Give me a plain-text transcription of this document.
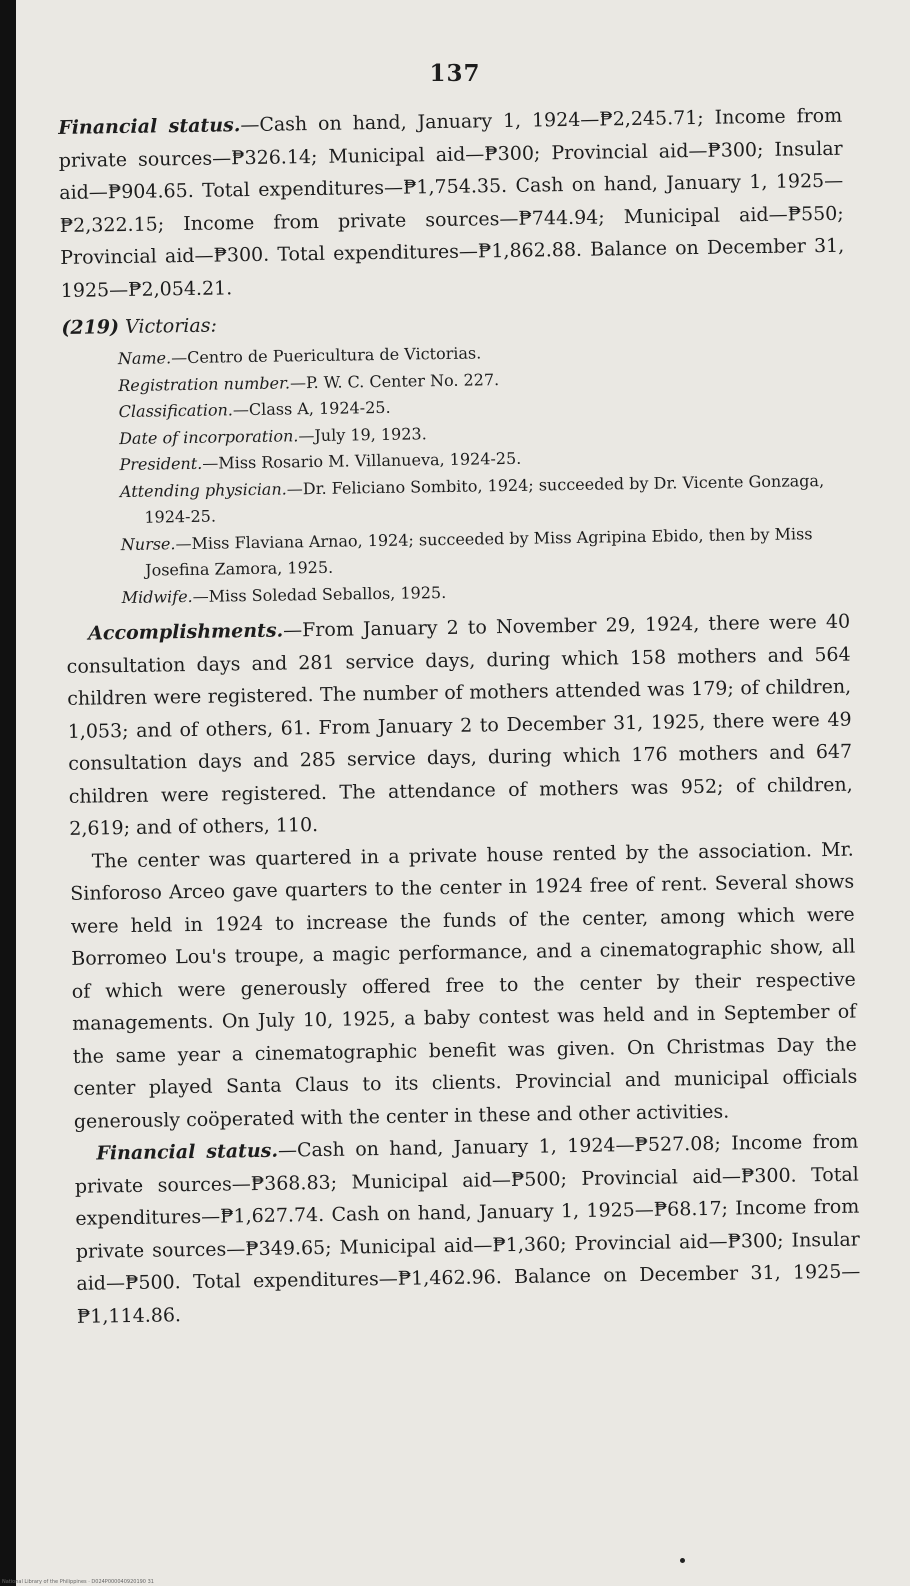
137

Financial status.—Cash on hand, January 1, 1924—₱2,245.71; Income from private sources—₱326.14; Municipal aid—₱300; Provincial aid—₱300; Insular aid—₱904.65. Total expenditures—₱1,754.35. Cash on hand, January 1, 1925—₱2,322.15; Income from private sources—₱744.94; Municipal aid—₱550; Provincial aid—₱300. Total expenditures—₱1,862.88. Balance on December 31, 1925—₱2,054.21.

(219) Victorias:
Name.—Centro de Puericultura de Victorias.
Registration number.—P. W. C. Center No. 227.
Classification.—Class A, 1924-25.
Date of incorporation.—July 19, 1923.
President.—Miss Rosario M. Villanueva, 1924-25.
Attending physician.—Dr. Feliciano Sombito, 1924; succeeded by Dr. Vicente Gonzaga, 1924-25.
Nurse.—Miss Flaviana Arnao, 1924; succeeded by Miss Agripina Ebido, then by Miss Josefina Zamora, 1925.
Midwife.—Miss Soledad Seballos, 1925.

Accomplishments.—From January 2 to November 29, 1924, there were 40 consultation days and 281 service days, during which 158 mothers and 564 children were registered. The number of mothers attended was 179; of children, 1,053; and of others, 61. From January 2 to December 31, 1925, there were 49 consultation days and 285 service days, during which 176 mothers and 647 children were registered. The attendance of mothers was 952; of children, 2,619; and of others, 110.

The center was quartered in a private house rented by the association. Mr. Sinforoso Arceo gave quarters to the center in 1924 free of rent. Several shows were held in 1924 to increase the funds of the center, among which were Borromeo Lou's troupe, a magic performance, and a cinematographic show, all of which were generously offered free to the center by their respective managements. On July 10, 1925, a baby contest was held and in September of the same year a cinematographic benefit was given. On Christmas Day the center played Santa Claus to its clients. Provincial and municipal officials generously coöperated with the center in these and other activities.

Financial status.—Cash on hand, January 1, 1924—₱527.08; Income from private sources—₱368.83; Municipal aid—₱500; Provincial aid—₱300. Total expenditures—₱1,627.74. Cash on hand, January 1, 1925—₱68.17; Income from private sources—₱349.65; Municipal aid—₱1,360; Provincial aid—₱300; Insular aid—₱500. Total expenditures—₱1,462.96. Balance on December 31, 1925—₱1,114.86.

National Library of the Philippines · D024P000040920190 31
